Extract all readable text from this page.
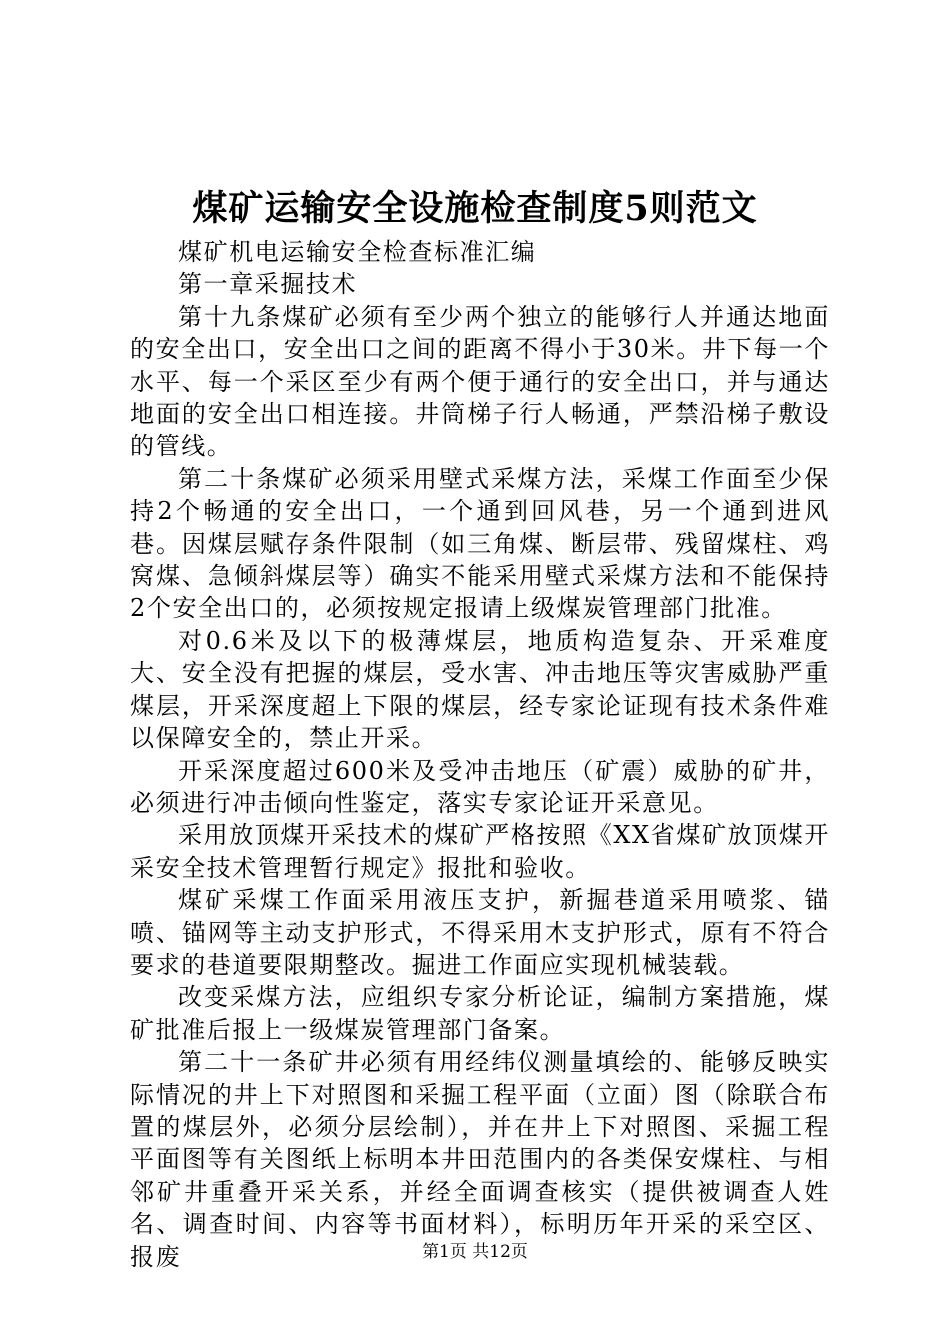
煤矿运输安全设施检查制度5则范文

煤矿机电运输安全检查标准汇编

第一章采掘技术

第十九条煤矿必须有至少两个独立的能够行人并通达地面的安全出口，安全出口之间的距离不得小于30米。井下每一个水平、每一个采区至少有两个便于通行的安全出口，并与通达地面的安全出口相连接。井筒梯子行人畅通，严禁沿梯子敷设的管线。

第二十条煤矿必须采用壁式采煤方法，采煤工作面至少保持2个畅通的安全出口，一个通到回风巷，另一个通到进风巷。因煤层赋存条件限制（如三角煤、断层带、残留煤柱、鸡窝煤、急倾斜煤层等）确实不能采用壁式采煤方法和不能保持2个安全出口的，必须按规定报请上级煤炭管理部门批准。

对0.6米及以下的极薄煤层，地质构造复杂、开采难度大、安全没有把握的煤层，受水害、冲击地压等灾害威胁严重煤层，开采深度超上下限的煤层，经专家论证现有技术条件难以保障安全的，禁止开采。

开采深度超过600米及受冲击地压（矿震）威胁的矿井，必须进行冲击倾向性鉴定，落实专家论证开采意见。

采用放顶煤开采技术的煤矿严格按照《XX省煤矿放顶煤开采安全技术管理暂行规定》报批和验收。

煤矿采煤工作面采用液压支护，新掘巷道采用喷浆、锚喷、锚网等主动支护形式，不得采用木支护形式，原有不符合要求的巷道要限期整改。掘进工作面应实现机械装载。

改变采煤方法，应组织专家分析论证，编制方案措施，煤矿批准后报上一级煤炭管理部门备案。

第二十一条矿井必须有用经纬仪测量填绘的、能够反映实际情况的井上下对照图和采掘工程平面（立面）图（除联合布置的煤层外，必须分层绘制），并在井上下对照图、采掘工程平面图等有关图纸上标明本井田范围内的各类保安煤柱、与相邻矿井重叠开采关系，并经全面调查核实（提供被调查人姓名、调查时间、内容等书面材料），标明历年开采的采空区、报废	第1页 共12页
